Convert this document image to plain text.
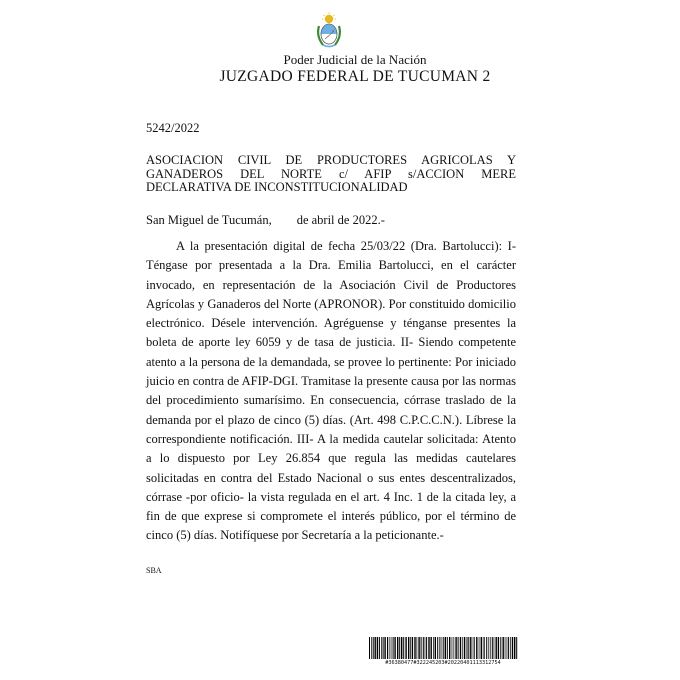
Poder Judicial de la Nación
JUZGADO FEDERAL DE TUCUMAN 2
5242/2022
ASOCIACION CIVIL DE PRODUCTORES AGRICOLAS Y GANADEROS DEL NORTE c/ AFIP s/ACCION MERE DECLARATIVA DE INCONSTITUCIONALIDAD
San Miguel de Tucumán,        de abril de 2022.-
A la presentación digital de fecha 25/03/22 (Dra. Bartolucci): I- Téngase por presentada a la Dra. Emilia Bartolucci, en el carácter invocado, en representación de la Asociación Civil de Productores Agrícolas y Ganaderos del Norte (APRONOR). Por constituido domicilio electrónico. Désele intervención. Agréguense y ténganse presentes la boleta de aporte ley 6059 y de tasa de justicia. II- Siendo competente atento a la persona de la demandada, se provee lo pertinente: Por iniciado juicio en contra de AFIP-DGI. Tramitase la presente causa por las normas del procedimiento sumarísimo. En consecuencia, córrase traslado de la demanda por el plazo de cinco (5) días. (Art. 498 C.P.C.C.N.). Líbrese la correspondiente notificación. III- A la medida cautelar solicitada: Atento a lo dispuesto por Ley 26.854 que regula las medidas cautelares solicitadas en contra del Estado Nacional o sus entes descentralizados, córrase -por oficio- la vista regulada en el art. 4 Inc. 1 de la citada ley, a fin de que exprese si compromete el interés público, por el término de cinco (5) días. Notifíquese por Secretaría a la peticionante.-
SBA
#36380477#322245203#20220401113312754
